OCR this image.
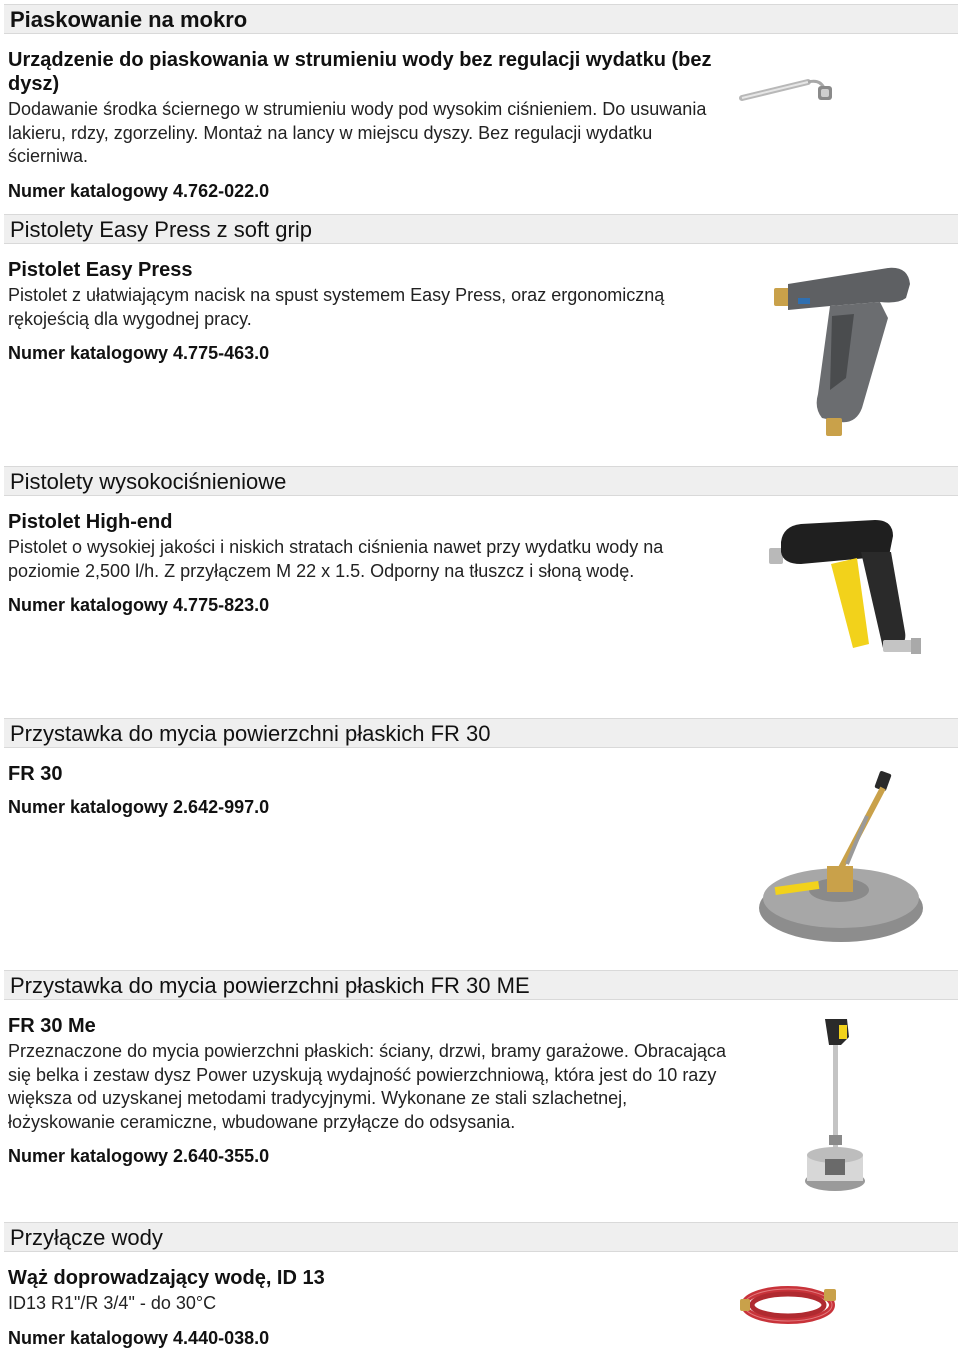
Piaskowanie na mokro

Urządzenie do piaskowania w strumieniu wody bez regulacji wydatku (bez dysz)

Dodawanie środka ściernego w strumieniu wody pod wysokim ciśnieniem. Do usuwania lakieru, rdzy, zgorzeliny. Montaż na lancy w miejscu dyszy. Bez regulacji wydatku ścierniwa.

Numer katalogowy 4.762-022.0

Pistolety Easy Press z soft grip

Pistolet Easy Press

Pistolet z ułatwiającym nacisk na spust systemem Easy Press, oraz ergonomiczną rękojeścią dla wygodnej pracy.

Numer katalogowy 4.775-463.0

Pistolety wysokociśnieniowe

Pistolet High-end

Pistolet o wysokiej jakości i niskich stratach ciśnienia nawet przy wydatku wody na poziomie 2,500 l/h. Z przyłączem M 22 x 1.5. Odporny na tłuszcz i słoną wodę.

Numer katalogowy 4.775-823.0

Przystawka do mycia powierzchni płaskich FR 30

FR 30

Numer katalogowy 2.642-997.0

Przystawka do mycia powierzchni płaskich FR 30 ME

FR 30 Me

Przeznaczone do mycia powierzchni płaskich: ściany, drzwi, bramy garażowe. Obracająca się belka i zestaw dysz Power uzyskują wydajność powierzchniową, która jest do 10 razy większa od uzyskanej metodami tradycyjnymi. Wykonane ze stali szlachetnej, łożyskowanie ceramiczne, wbudowane przyłącze do odsysania.

Numer katalogowy 2.640-355.0

Przyłącze wody

Wąż doprowadzający wodę, ID 13

ID13 R1"/R 3/4" - do 30°C

Numer katalogowy 4.440-038.0
